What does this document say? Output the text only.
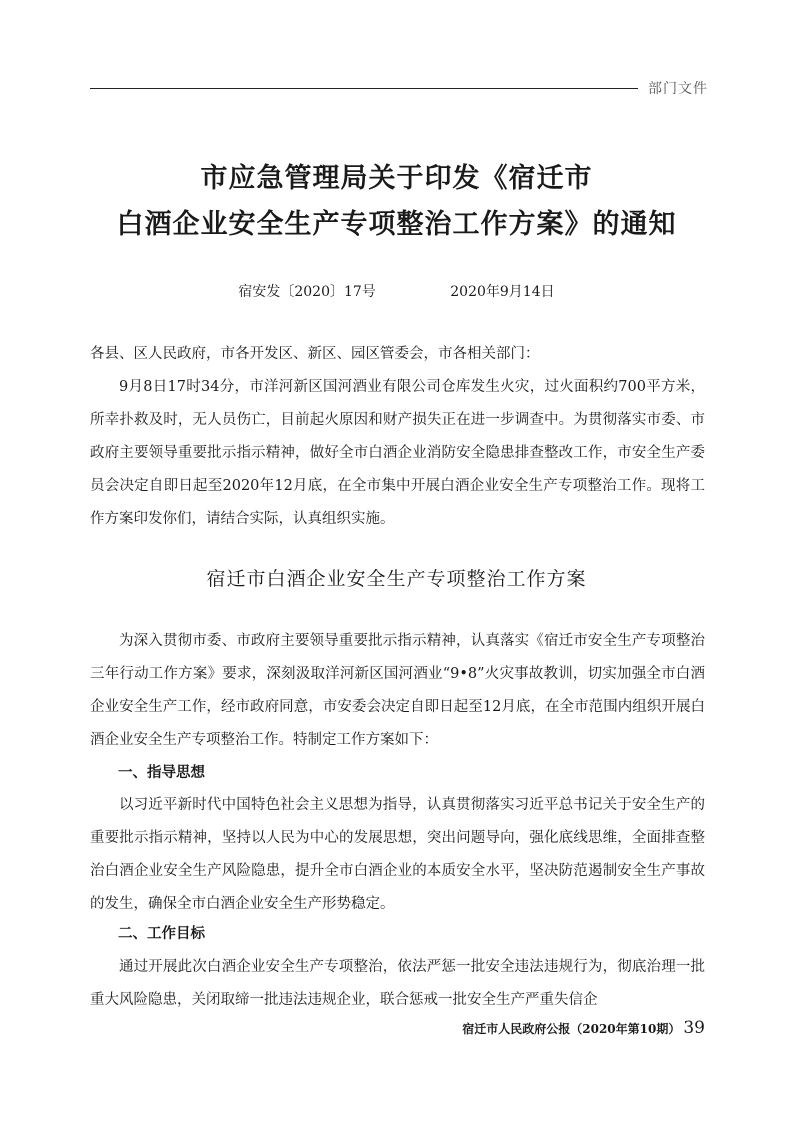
部门文件
市应急管理局关于印发《宿迁市
白酒企业安全生产专项整治工作方案》的通知
宿安发〔2020〕17号	2020年9月14日

各县、区人民政府，市各开发区、新区、园区管委会，市各相关部门：

9月8日17时34分，市洋河新区国河酒业有限公司仓库发生火灾，过火面积约700平方米，所幸扑救及时，无人员伤亡，目前起火原因和财产损失正在进一步调查中。为贯彻落实市委、市政府主要领导重要批示指示精神，做好全市白酒企业消防安全隐患排查整改工作，市安全生产委员会决定自即日起至2020年12月底，在全市集中开展白酒企业安全生产专项整治工作。现将工作方案印发你们，请结合实际，认真组织实施。

宿迁市白酒企业安全生产专项整治工作方案

为深入贯彻市委、市政府主要领导重要批示指示精神，认真落实《宿迁市安全生产专项整治三年行动工作方案》要求，深刻汲取洋河新区国河酒业“9•8”火灾事故教训，切实加强全市白酒企业安全生产工作，经市政府同意，市安委会决定自即日起至12月底，在全市范围内组织开展白酒企业安全生产专项整治工作。特制定工作方案如下：

一、指导思想

以习近平新时代中国特色社会主义思想为指导，认真贯彻落实习近平总书记关于安全生产的重要批示指示精神，坚持以人民为中心的发展思想，突出问题导向，强化底线思维，全面排查整治白酒企业安全生产风险隐患，提升全市白酒企业的本质安全水平，坚决防范遏制安全生产事故的发生，确保全市白酒企业安全生产形势稳定。

二、工作目标

通过开展此次白酒企业安全生产专项整治，依法严惩一批安全违法违规行为，彻底治理一批重大风险隐患，关闭取缔一批违法违规企业，联合惩戒一批安全生产严重失信企

宿迁市人民政府公报（2020年第10期） 39
